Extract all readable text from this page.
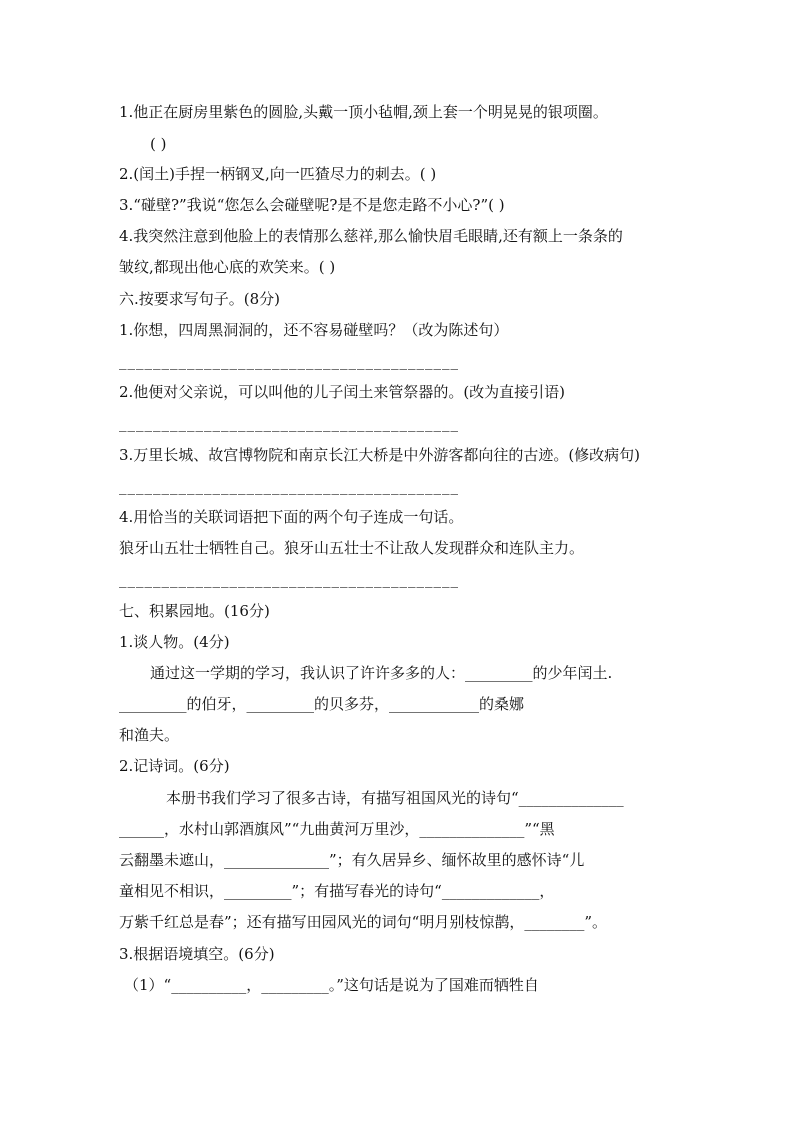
1.他正在厨房里紫色的圆脸,头戴一顶小毡帽,颈上套一个明晃晃的银项圈。
( )
2.(闰土)手捏一柄钢叉,向一匹猹尽力的刺去。( )
3.“碰壁?”我说“您怎么会碰壁呢?是不是您走路不小心?”( )
4.我突然注意到他脸上的表情那么慈祥,那么愉快眉毛眼睛,还有额上一条条的
皱纹,都现出他心底的欢笑来。( )
六.按要求写句子。(8分)
1.你想，四周黑洞洞的，还不容易碰壁吗？（改为陈述句）
________________________________________
2.他便对父亲说，可以叫他的儿子闰土来管祭器的。(改为直接引语)
________________________________________
3.万里长城、故宫博物院和南京长江大桥是中外游客都向往的古迹。(修改病句)
________________________________________
4.用恰当的关联词语把下面的两个句子连成一句话。
狼牙山五壮士牺牲自己。狼牙山五壮士不让敌人发现群众和连队主力。
________________________________________
七、积累园地。(16分)
1.谈人物。(4分)
通过这一学期的学习，我认识了许许多多的人：_________的少年闰土.
_________的伯牙，_________的贝多芬，____________的桑娜
和渔夫。
2.记诗词。(6分)
本册书我们学习了很多古诗，有描写祖国风光的诗句“______________
______，水村山郭酒旗风”“九曲黄河万里沙，______________”“黑
云翻墨未遮山，______________”；有久居异乡、缅怀故里的感怀诗“儿
童相见不相识，_________”；有描写春光的诗句“_____________，
万紫千红总是春”；还有描写田园风光的词句“明月别枝惊鹊，________”。
3.根据语境填空。(6分)
（1）“__________，_________。”这句话是说为了国难而牺牲自
